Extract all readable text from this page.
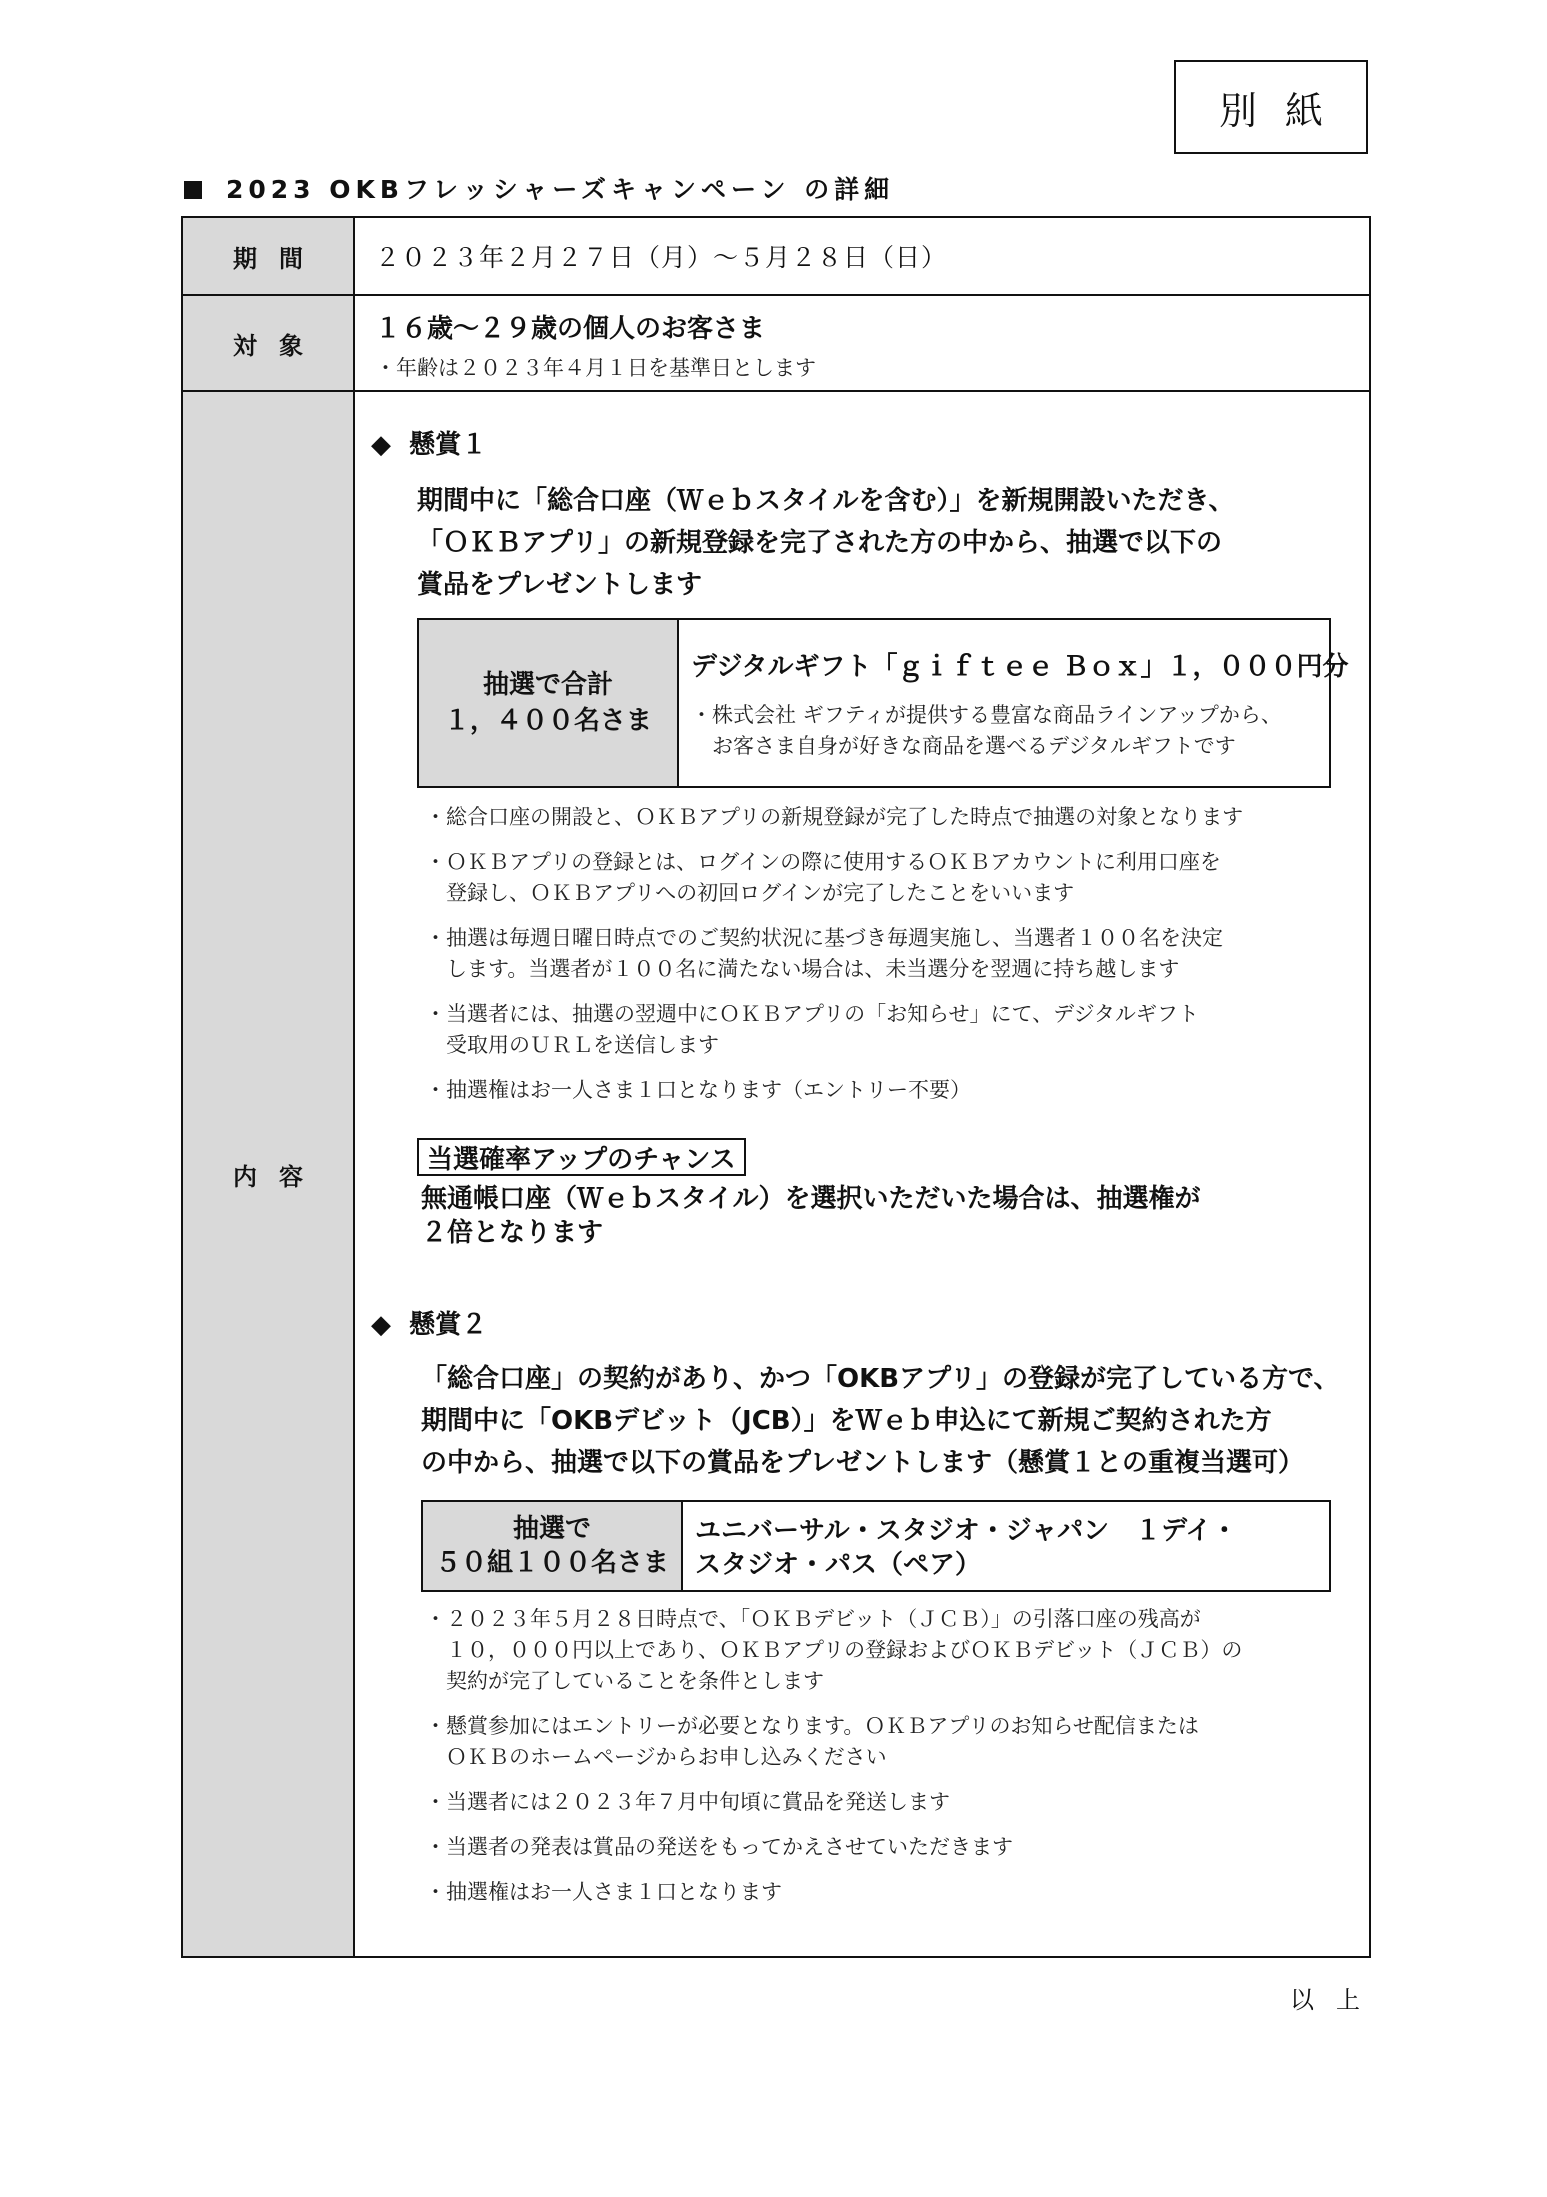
別紙
2023 OKBフレッシャーズキャンペーン の詳細
期間	２０２３年２月２７日（月）～５月２８日（日）
対象
１６歳～２９歳の個人のお客さま
・年齢は２０２３年４月１日を基準日とします
内容
◆ 懸賞１
期間中に「総合口座（Ｗｅｂスタイルを含む）」を新規開設いただき、
「ＯＫＢアプリ」の新規登録を完了された方の中から、抽選で以下の
賞品をプレゼントします
抽選で合計
１，４００名さま
デジタルギフト「ｇｉｆｔｅｅ Ｂｏｘ」１，０００円分
・株式会社 ギフティが提供する豊富な商品ラインアップから、
　お客さま自身が好きな商品を選べるデジタルギフトです
・総合口座の開設と、ＯＫＢアプリの新規登録が完了した時点で抽選の対象となります
・ＯＫＢアプリの登録とは、ログインの際に使用するＯＫＢアカウントに利用口座を
　登録し、ＯＫＢアプリへの初回ログインが完了したことをいいます
・抽選は毎週日曜日時点でのご契約状況に基づき毎週実施し、当選者１００名を決定
　します。当選者が１００名に満たない場合は、未当選分を翌週に持ち越します
・当選者には、抽選の翌週中にＯＫＢアプリの「お知らせ」にて、デジタルギフト
　受取用のＵＲＬを送信します
・抽選権はお一人さま１口となります（エントリー不要）
当選確率アップのチャンス
無通帳口座（Ｗｅｂスタイル）を選択いただいた場合は、抽選権が
２倍となります
◆ 懸賞２
「総合口座」の契約があり、かつ「OKBアプリ」の登録が完了している方で、
期間中に「OKBデビット（JCB）」をＷｅｂ申込にて新規ご契約された方
の中から、抽選で以下の賞品をプレゼントします（懸賞１との重複当選可）
抽選で
５０組１００名さま
ユニバーサル・スタジオ・ジャパン　１デイ・
スタジオ・パス（ペア）
・２０２３年５月２８日時点で、「ＯＫＢデビット（ＪＣＢ）」の引落口座の残高が
　１０，０００円以上であり、ＯＫＢアプリの登録およびＯＫＢデビット（ＪＣＢ）の
　契約が完了していることを条件とします
・懸賞参加にはエントリーが必要となります。ＯＫＢアプリのお知らせ配信または
　ＯＫＢのホームページからお申し込みください
・当選者には２０２３年７月中旬頃に賞品を発送します
・当選者の発表は賞品の発送をもってかえさせていただきます
・抽選権はお一人さま１口となります
以上
